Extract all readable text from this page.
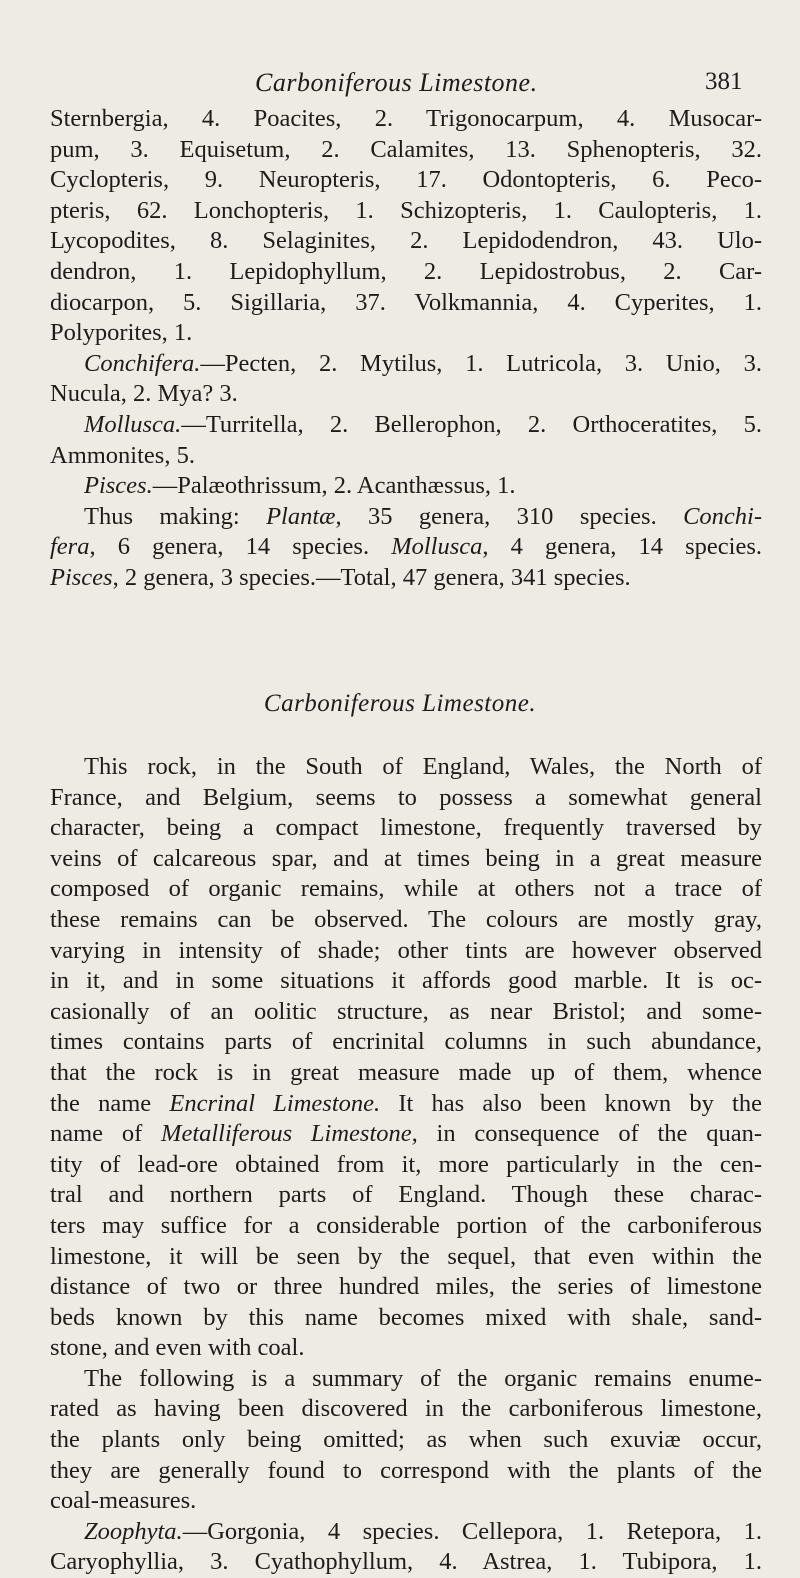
Carboniferous Limestone.	381
Sternbergia, 4. Poacites, 2. Trigonocarpum, 4. Musocar-
pum, 3. Equisetum, 2. Calamites, 13. Sphenopteris, 32.
Cyclopteris, 9. Neuropteris, 17. Odontopteris, 6. Peco-
pteris, 62. Lonchopteris, 1. Schizopteris, 1. Caulopteris, 1.
Lycopodites, 8. Selaginites, 2. Lepidodendron, 43. Ulo-
dendron, 1. Lepidophyllum, 2. Lepidostrobus, 2. Car-
diocarpon, 5. Sigillaria, 37. Volkmannia, 4. Cyperites, 1.
Polyporites, 1.
Conchifera.—Pecten, 2. Mytilus, 1. Lutricola, 3. Unio, 3.
Nucula, 2. Mya? 3.
Mollusca.—Turritella, 2. Bellerophon, 2. Orthoceratites, 5.
Ammonites, 5.
Pisces.—Palæothrissum, 2. Acanthæssus, 1.
Thus making: Plantæ, 35 genera, 310 species. Conchi-
fera, 6 genera, 14 species. Mollusca, 4 genera, 14 species.
Pisces, 2 genera, 3 species.—Total, 47 genera, 341 species.
Carboniferous Limestone.
This rock, in the South of England, Wales, the North of
France, and Belgium, seems to possess a somewhat general
character, being a compact limestone, frequently traversed by
veins of calcareous spar, and at times being in a great measure
composed of organic remains, while at others not a trace of
these remains can be observed. The colours are mostly gray,
varying in intensity of shade; other tints are however observed
in it, and in some situations it affords good marble. It is oc-
casionally of an oolitic structure, as near Bristol; and some-
times contains parts of encrinital columns in such abundance,
that the rock is in great measure made up of them, whence
the name Encrinal Limestone. It has also been known by the
name of Metalliferous Limestone, in consequence of the quan-
tity of lead-ore obtained from it, more particularly in the cen-
tral and northern parts of England. Though these charac-
ters may suffice for a considerable portion of the carboniferous
limestone, it will be seen by the sequel, that even within the
distance of two or three hundred miles, the series of limestone
beds known by this name becomes mixed with shale, sand-
stone, and even with coal.
The following is a summary of the organic remains enume-
rated as having been discovered in the carboniferous limestone,
the plants only being omitted; as when such exuviæ occur,
they are generally found to correspond with the plants of the
coal-measures.
Zoophyta.—Gorgonia, 4 species. Cellepora, 1. Retepora, 1.
Caryophyllia, 3. Cyathophyllum, 4. Astrea, 1. Tubipora, 1.
